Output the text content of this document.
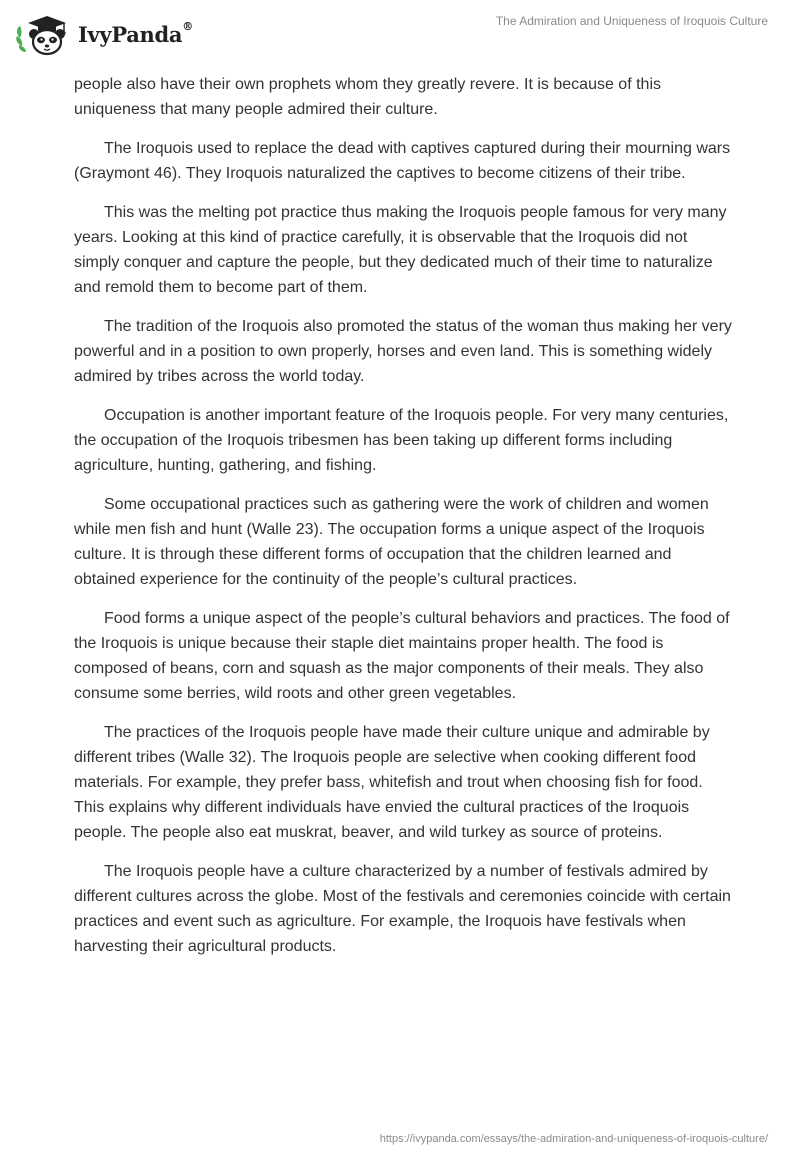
IvyPanda®	The Admiration and Uniqueness of Iroquois Culture

people also have their own prophets whom they greatly revere. It is because of this uniqueness that many people admired their culture.

The Iroquois used to replace the dead with captives captured during their mourning wars (Graymont 46). They Iroquois naturalized the captives to become citizens of their tribe.

This was the melting pot practice thus making the Iroquois people famous for very many years. Looking at this kind of practice carefully, it is observable that the Iroquois did not simply conquer and capture the people, but they dedicated much of their time to naturalize and remold them to become part of them.

The tradition of the Iroquois also promoted the status of the woman thus making her very powerful and in a position to own properly, horses and even land. This is something widely admired by tribes across the world today.

Occupation is another important feature of the Iroquois people. For very many centuries, the occupation of the Iroquois tribesmen has been taking up different forms including agriculture, hunting, gathering, and fishing.

Some occupational practices such as gathering were the work of children and women while men fish and hunt (Walle 23). The occupation forms a unique aspect of the Iroquois culture. It is through these different forms of occupation that the children learned and obtained experience for the continuity of the people’s cultural practices.

Food forms a unique aspect of the people’s cultural behaviors and practices. The food of the Iroquois is unique because their staple diet maintains proper health. The food is composed of beans, corn and squash as the major components of their meals. They also consume some berries, wild roots and other green vegetables.

The practices of the Iroquois people have made their culture unique and admirable by different tribes (Walle 32). The Iroquois people are selective when cooking different food materials. For example, they prefer bass, whitefish and trout when choosing fish for food. This explains why different individuals have envied the cultural practices of the Iroquois people. The people also eat muskrat, beaver, and wild turkey as source of proteins.

The Iroquois people have a culture characterized by a number of festivals admired by different cultures across the globe. Most of the festivals and ceremonies coincide with certain practices and event such as agriculture. For example, the Iroquois have festivals when harvesting their agricultural products.

https://ivypanda.com/essays/the-admiration-and-uniqueness-of-iroquois-culture/
